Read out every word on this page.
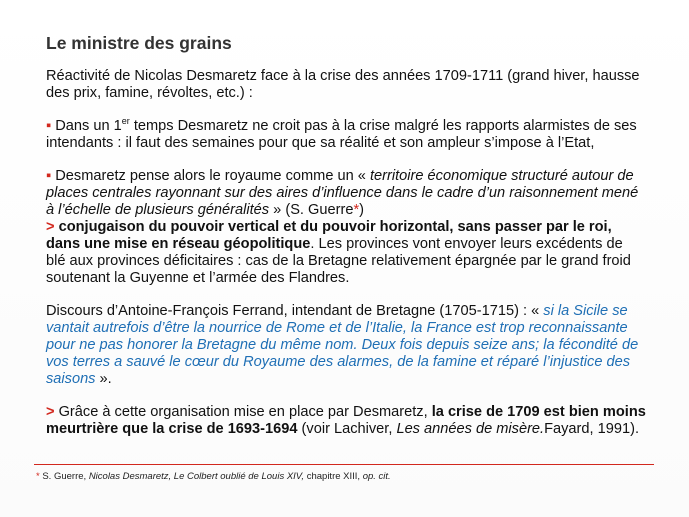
Le ministre des grains

Réactivité de Nicolas Desmaretz face à la crise des années 1709-1711 (grand hiver, hausse des prix, famine, révoltes, etc.) :

▪ Dans un 1er temps Desmaretz ne croit pas à la crise malgré les rapports alarmistes de ses intendants : il faut des semaines pour que sa réalité et son ampleur s’impose à l’Etat,

▪ Desmaretz pense alors le royaume comme un « territoire économique structuré autour de places centrales rayonnant sur des aires d’influence dans le cadre d’un raisonnement mené à l’échelle de plusieurs généralités » (S. Guerre*)

> conjugaison du pouvoir vertical et du pouvoir horizontal, sans passer par le roi, dans une mise en réseau géopolitique. Les provinces vont envoyer leurs excédents de blé aux provinces déficitaires : cas de la Bretagne relativement épargnée par le grand froid soutenant la Guyenne et l’armée des Flandres.

Discours d’Antoine-François Ferrand, intendant de Bretagne (1705-1715) : « si la Sicile se vantait autrefois d’être la nourrice de Rome et de l’Italie, la France est trop reconnaissante pour ne pas honorer la Bretagne du même nom. Deux fois depuis seize ans; la fécondité de vos terres a sauvé le cœur du Royaume des alarmes, de la famine et réparé l’injustice des saisons ».

> Grâce à cette organisation mise en place par Desmaretz, la crise de 1709 est bien moins meurtrière que la crise de 1693-1694 (voir Lachiver, Les années de misère.Fayard, 1991).

* S. Guerre, Nicolas Desmaretz, Le Colbert oublié de Louis XIV, chapitre XIII, op. cit.
